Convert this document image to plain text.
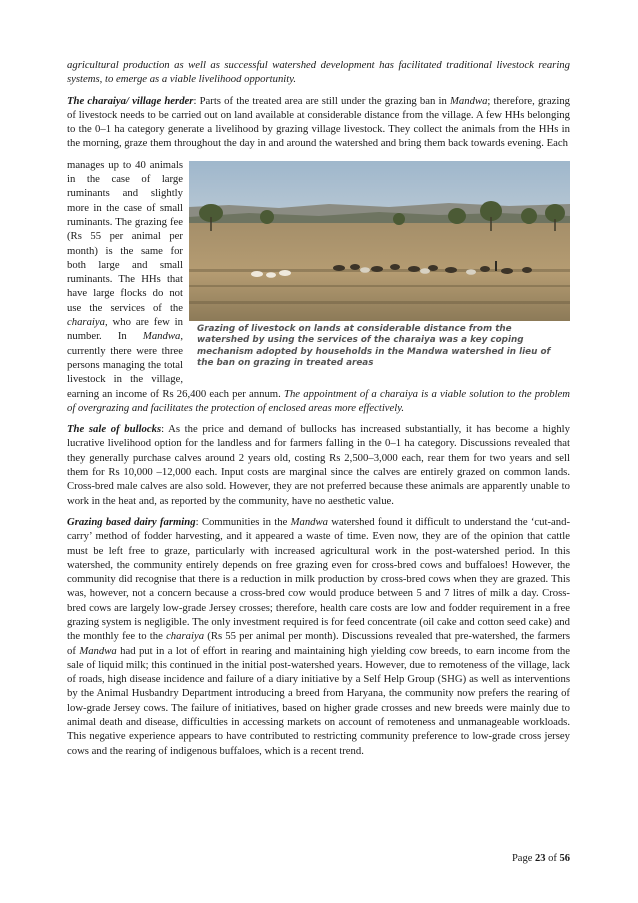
agricultural production as well as successful watershed development has facilitated traditional livestock rearing systems, to emerge as a viable livelihood opportunity.

The charaiya/ village herder: Parts of the treated area are still under the grazing ban in Mandwa; therefore, grazing of livestock needs to be carried out on land available at considerable distance from the village. A few HHs belonging to the 0–1 ha category generate a livelihood by grazing village livestock. They collect the animals from the HHs in the morning, graze them throughout the day in and around the watershed and bring them back towards evening. Each

Grazing of livestock on lands at considerable distance from the watershed by using the services of the charaiya was a key coping mechanism adopted by households in the Mandwa watershed in lieu of the ban on grazing in treated areas
manages up to 40 animals in the case of large ruminants and slightly more in the case of small ruminants. The grazing fee (Rs 55 per animal per month) is the same for both large and small ruminants. The HHs that have large flocks do not use the services of the charaiya, who are few in number. In Mandwa, currently there were three persons managing the total livestock in the village, earning an income of Rs 26,400 each per annum. The appointment of a charaiya is a viable solution to the problem of overgrazing and facilitates the protection of enclosed areas more effectively.

The sale of bullocks: As the price and demand of bullocks has increased substantially, it has become a highly lucrative livelihood option for the landless and for farmers falling in the 0–1 ha category. Discussions revealed that they generally purchase calves around 2 years old, costing Rs 2,500–3,000 each, rear them for two years and sell them for Rs 10,000 –12,000 each. Input costs are marginal since the calves are entirely grazed on common lands. Cross-bred male calves are also sold. However, they are not preferred because these animals are apparently unable to work in the heat and, as reported by the community, have no aesthetic value.

Grazing based dairy farming: Communities in the Mandwa watershed found it difficult to understand the ‘cut-and-carry’ method of fodder harvesting, and it appeared a waste of time. Even now, they are of the opinion that cattle must be left free to graze, particularly with increased agricultural work in the post-watershed period. In this watershed, the community entirely depends on free grazing even for cross-bred cows and buffaloes! However, the community did recognise that there is a reduction in milk production by cross-bred cows when they are grazed. This was, however, not a concern because a cross-bred cow would produce between 5 and 7 litres of milk a day. Cross-bred cows are largely low-grade Jersey crosses; therefore, health care costs are low and fodder requirement in a free grazing system is negligible. The only investment required is for feed concentrate (oil cake and cotton seed cake) and the monthly fee to the charaiya (Rs 55 per animal per month). Discussions revealed that pre-watershed, the farmers of Mandwa had put in a lot of effort in rearing and maintaining high yielding cow breeds, to earn income from the sale of liquid milk; this continued in the initial post-watershed years. However, due to remoteness of the village, lack of roads, high disease incidence and failure of a diary initiative by a Self Help Group (SHG) as well as interventions by the Animal Husbandry Department introducing a breed from Haryana, the community now prefers the rearing of low-grade Jersey cows. The failure of initiatives, based on higher grade crosses and new breeds were mainly due to animal death and disease, difficulties in accessing markets on account of remoteness and unmanageable workloads. This negative experience appears to have contributed to restricting community preference to low-grade cross jersey cows and the rearing of indigenous buffaloes, which is a recent trend.

Page 23 of 56
